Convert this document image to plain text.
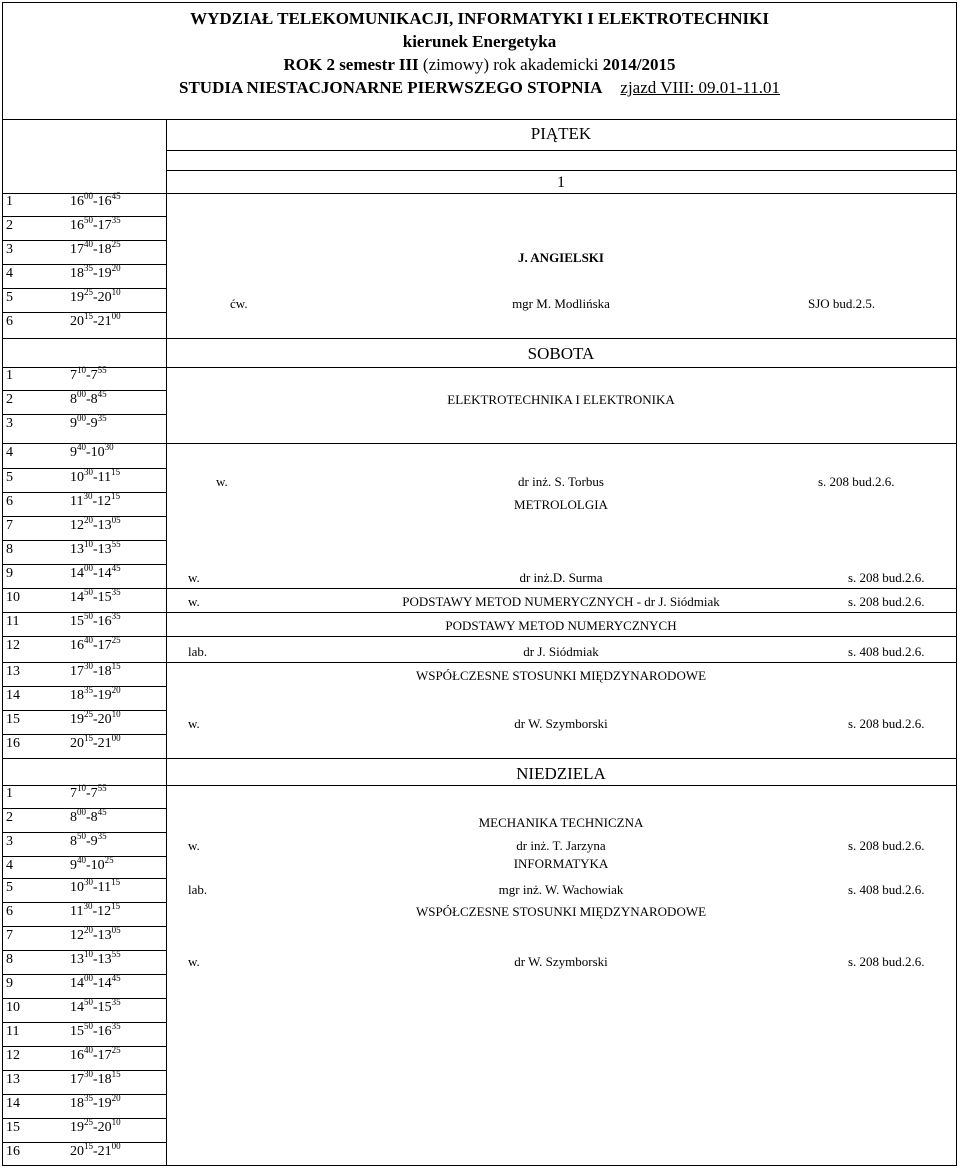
WYDZIAŁ TELEKOMUNIKACJI, INFORMATYKI I ELEKTROTECHNIKI
kierunek Energetyka
ROK 2 semestr III (zimowy) rok akademicki 2014/2015
STUDIA NIESTACJONARNE PIERWSZEGO STOPNIA zjazd VIII: 09.01-11.01
PIĄTEK
1
1	$16^{00}-16^{45}$
2	$16^{50}-17^{35}$
3	$17^{40}-18^{25}$
4	$18^{35}-19^{20}$
5	$19^{25}-20^{10}$
6	$20^{15}-21^{00}$
J. ANGIELSKI
ćw.	mgr M. Modlińska	SJO bud.2.5.
SOBOTA
1	$7^{10}-7^{55}$
2	$8^{00}-8^{45}$
3	$9^{00}-9^{35}$
4	$9^{40}-10^{30}$
5	$10^{30}-11^{15}$
6	$11^{30}-12^{15}$
7	$12^{20}-13^{05}$
8	$13^{10}-13^{55}$
9	$14^{00}-14^{45}$
10	$14^{50}-15^{35}$
11	$15^{50}-16^{35}$
12	$16^{40}-17^{25}$
13	$17^{30}-18^{15}$
14	$18^{35}-19^{20}$
15	$19^{25}-20^{10}$
16	$20^{15}-21^{00}$
ELEKTROTECHNIKA I ELEKTRONIKA
w.	dr inż. S. Torbus	s. 208 bud.2.6.
METROLOLGIA
w.	dr inż.D. Surma	s. 208 bud.2.6.
w.	PODSTAWY METOD NUMERYCZNYCH - dr J. Siódmiak	s. 208 bud.2.6.
PODSTAWY METOD NUMERYCZNYCH
lab.	dr J. Siódmiak	s. 408 bud.2.6.
WSPÓŁCZESNE STOSUNKI MIĘDZYNARODOWE
w.	dr W. Szymborski	s. 208 bud.2.6.
NIEDZIELA
1	$7^{10}-7^{55}$
2	$8^{00}-8^{45}$
3	$8^{50}-9^{35}$
4	$9^{40}-10^{25}$
5	$10^{30}-11^{15}$
6	$11^{30}-12^{15}$
7	$12^{20}-13^{05}$
8	$13^{10}-13^{55}$
9	$14^{00}-14^{45}$
10	$14^{50}-15^{35}$
11	$15^{50}-16^{35}$
12	$16^{40}-17^{25}$
13	$17^{30}-18^{15}$
14	$18^{35}-19^{20}$
15	$19^{25}-20^{10}$
16	$20^{15}-21^{00}$
MECHANIKA TECHNICZNA
w.	dr inż. T. Jarzyna	s. 208 bud.2.6.
INFORMATYKA
lab.	mgr inż. W. Wachowiak	s. 408 bud.2.6.
WSPÓŁCZESNE STOSUNKI MIĘDZYNARODOWE
w.	dr W. Szymborski	s. 208 bud.2.6.
